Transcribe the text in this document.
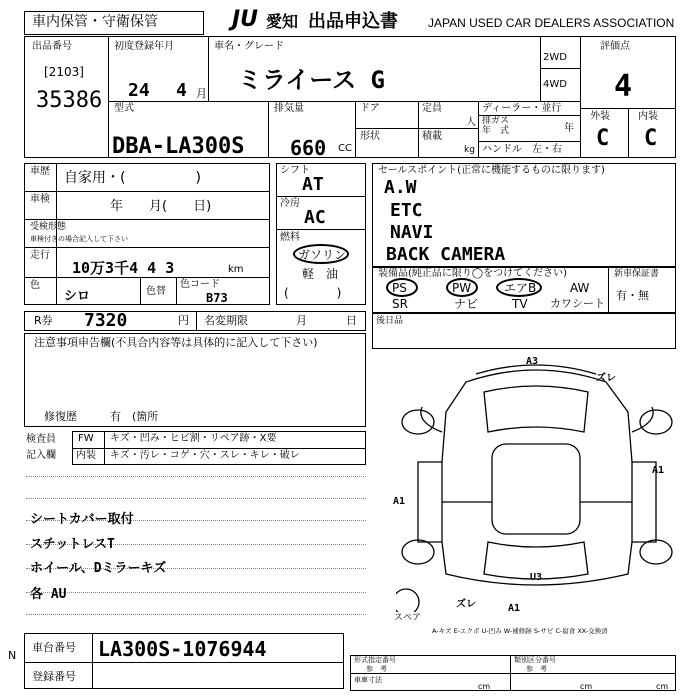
車内保管・守衛保管	JU 愛知 出品申込書	JAPAN USED CAR DEALERS ASSOCIATION
出品番号
[2103]
35386
初度登録年月
24 4 月
車名・グレード
ミライース G
2WD
4WD
評価点
4
外装	内装
C C
型式
DBA-LA300S
排気量
660 CC
ドア
形状
定員
人
積載
kg
ディーラー・並行
排ガス
年　式	年
ハンドル　左・右
車歴 自家用・(　　　　　)
車検	年　　月(　　日)
受検形態
車検付きの場合記入して下さい
走行
10万3千4 4 3	km
色
シロ	色替
色コード
B73
シフト
AT
冷房
AC
燃料
ガソリン
軽　油
(　　　　)
セールスポイント(正常に機能するものに限ります)
A.W
ETC
NAVI
BACK CAMERA
装備品(純正品に限り◯をつけてください)
PS	PW	エアB	AW
SR	ナビ	TV カワシート
新車保証書
有・無
R券 7320	円 名変期限	月	日 後日品
注意事項申告欄(不具合内容等は具体的に記入して下さい)
修復歴	有　(箇所
検査員
記入欄
FW キズ・凹み・ヒビ割・リペア跡・X要
内装 キズ・汚レ・コゲ・穴・スレ・キレ・破レ
シートカバー取付
スチットレスT
ホイール、Dミラーキズ
各 AU
A3
ズレ
A1
A1
U3
ズレ	A1
スペア
A-キズ E-エクボ U-凹み W-補修跡 S-サビ C-腐食 XX-交換済
車台番号 LA300S-1076944
登録番号
N	形式指定番号
参　考
類別区分番号
参　考
車庫寸法
cm	cm	cm
